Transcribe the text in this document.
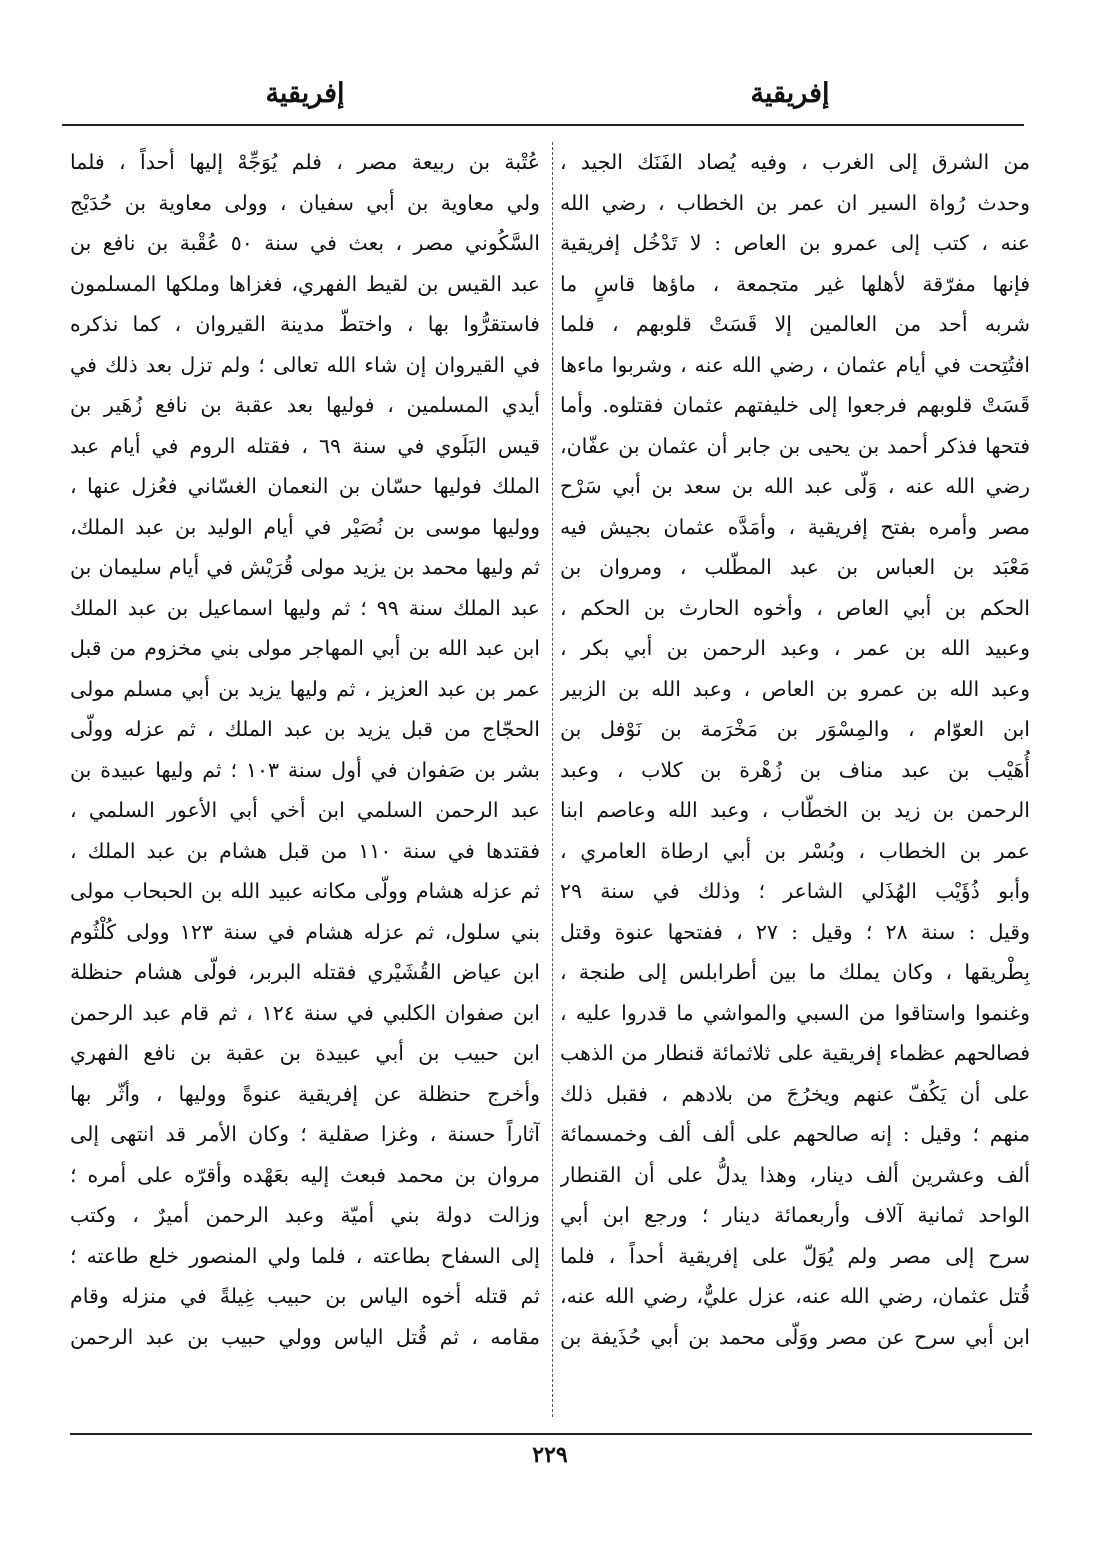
إفريقية
إفريقية
من الشرق إلى الغرب ، وفيه يُصاد الفَنَك الجيد ،
وحدث رُواة السير ان عمر بن الخطاب ، رضي الله
عنه ، كتب إلى عمرو بن العاص : لا تَدْخُل إفريقية
فإنها مفرّقة لأهلها غير متجمعة ، ماؤها قاسٍ ما
شربه أحد من العالمين إلا قَسَتْ قلوبهم ، فلما
افتُتِحت في أيام عثمان ، رضي الله عنه ، وشربوا ماءها
قَسَتْ قلوبهم فرجعوا إلى خليفتهم عثمان فقتلوه. وأما
فتحها فذكر أحمد بن يحيى بن جابر أن عثمان بن عفّان،
رضي الله عنه ، وَلّى عبد الله بن سعد بن أبي سَرْح
مصر وأمره بفتح إفريقية ، وأمَدَّه عثمان بجيش فيه
مَعْبَد بن العباس بن عبد المطّلب ، ومروان بن
الحكم بن أبي العاص ، وأخوه الحارث بن الحكم ،
وعبيد الله بن عمر ، وعبد الرحمن بن أبي بكر ،
وعبد الله بن عمرو بن العاص ، وعبد الله بن الزبير
ابن العوّام ، والمِسْوَر بن مَخْرَمة بن نَوْفل بن
أُهَيْب بن عبد مناف بن زُهْرة بن كلاب ، وعبد
الرحمن بن زيد بن الخطّاب ، وعبد الله وعاصم ابنا
عمر بن الخطاب ، وبُسْر بن أبي ارطاة العامري ،
وأبو ذُؤَيْب الهُذَلي الشاعر ؛ وذلك في سنة ٢٩
وقيل : سنة ٢٨ ؛ وقيل : ٢٧ ، ففتحها عنوة وقتل
بِطْريقها ، وكان يملك ما بين أطرابلس إلى طنجة ،
وغنموا واستاقوا من السبي والمواشي ما قدروا عليه ،
فصالحهم عظماء إفريقية على ثلاثمائة قنطار من الذهب
على أن يَكُفّ عنهم ويخرُجَ من بلادهم ، فقبل ذلك
منهم ؛ وقيل : إنه صالحهم على ألف ألف وخمسمائة
ألف وعشرين ألف دينار، وهذا يدلُّ على أن القنطار
الواحد ثمانية آلاف وأربعمائة دينار ؛ ورجع ابن أبي
سرح إلى مصر ولم يُوَلّ على إفريقية أحداً ، فلما
قُتل عثمان، رضي الله عنه، عزل عليٌّ، رضي الله عنه،
ابن أبي سرح عن مصر ووَلّى محمد بن أبي حُذَيفة بن
عُتْبة بن ربيعة مصر ، فلم يُوَجِّهْ إليها أحداً ، فلما
ولي معاوية بن أبي سفيان ، وولى معاوية بن حُدَيْج
السَّكُوني مصر ، بعث في سنة ٥٠ عُقْبة بن نافع بن
عبد القيس بن لقيط الفهري، فغزاها وملكها المسلمون
فاستقرُّوا بها ، واختطّ مدينة القيروان ، كما نذكره
في القيروان إن شاء الله تعالى ؛ ولم تزل بعد ذلك في
أيدي المسلمين ، فوليها بعد عقبة بن نافع زُهَير بن
قيس البَلَوي في سنة ٦٩ ، فقتله الروم في أيام عبد
الملك فوليها حسّان بن النعمان الغسّاني فعُزل عنها ،
ووليها موسى بن نُصَيْر في أيام الوليد بن عبد الملك،
ثم وليها محمد بن يزيد مولى قُرَيْش في أيام سليمان بن
عبد الملك سنة ٩٩ ؛ ثم وليها اسماعيل بن عبد الملك
ابن عبد الله بن أبي المهاجر مولى بني مخزوم من قبل
عمر بن عبد العزيز ، ثم وليها يزيد بن أبي مسلم مولى
الحجّاج من قبل يزيد بن عبد الملك ، ثم عزله وولّى
بشر بن صَفوان في أول سنة ١٠٣ ؛ ثم وليها عبيدة بن
عبد الرحمن السلمي ابن أخي أبي الأعور السلمي ،
فقتدها في سنة ١١٠ من قبل هشام بن عبد الملك ،
ثم عزله هشام وولّى مكانه عبيد الله بن الحبحاب مولى
بني سلول، ثم عزله هشام في سنة ١٢٣ وولى كُلْثُوم
ابن عياض القُشَيْري فقتله البربر، فولّى هشام حنظلة
ابن صفوان الكلبي في سنة ١٢٤ ، ثم قام عبد الرحمن
ابن حبيب بن أبي عبيدة بن عقبة بن نافع الفهري
وأخرج حنظلة عن إفريقية عنوةً ووليها ، وأثّر بها
آثاراً حسنة ، وغزا صقلية ؛ وكان الأمر قد انتهى إلى
مروان بن محمد فبعث إليه بعَهْده وأقرّه على أمره ؛
وزالت دولة بني أميّة وعبد الرحمن أميرٌ ، وكتب
إلى السفاح بطاعته ، فلما ولي المنصور خلع طاعته ؛
ثم قتله أخوه الياس بن حبيب غِيلةً في منزله وقام
مقامه ، ثم قُتل الياس وولي حبيب بن عبد الرحمن
٢٢٩
